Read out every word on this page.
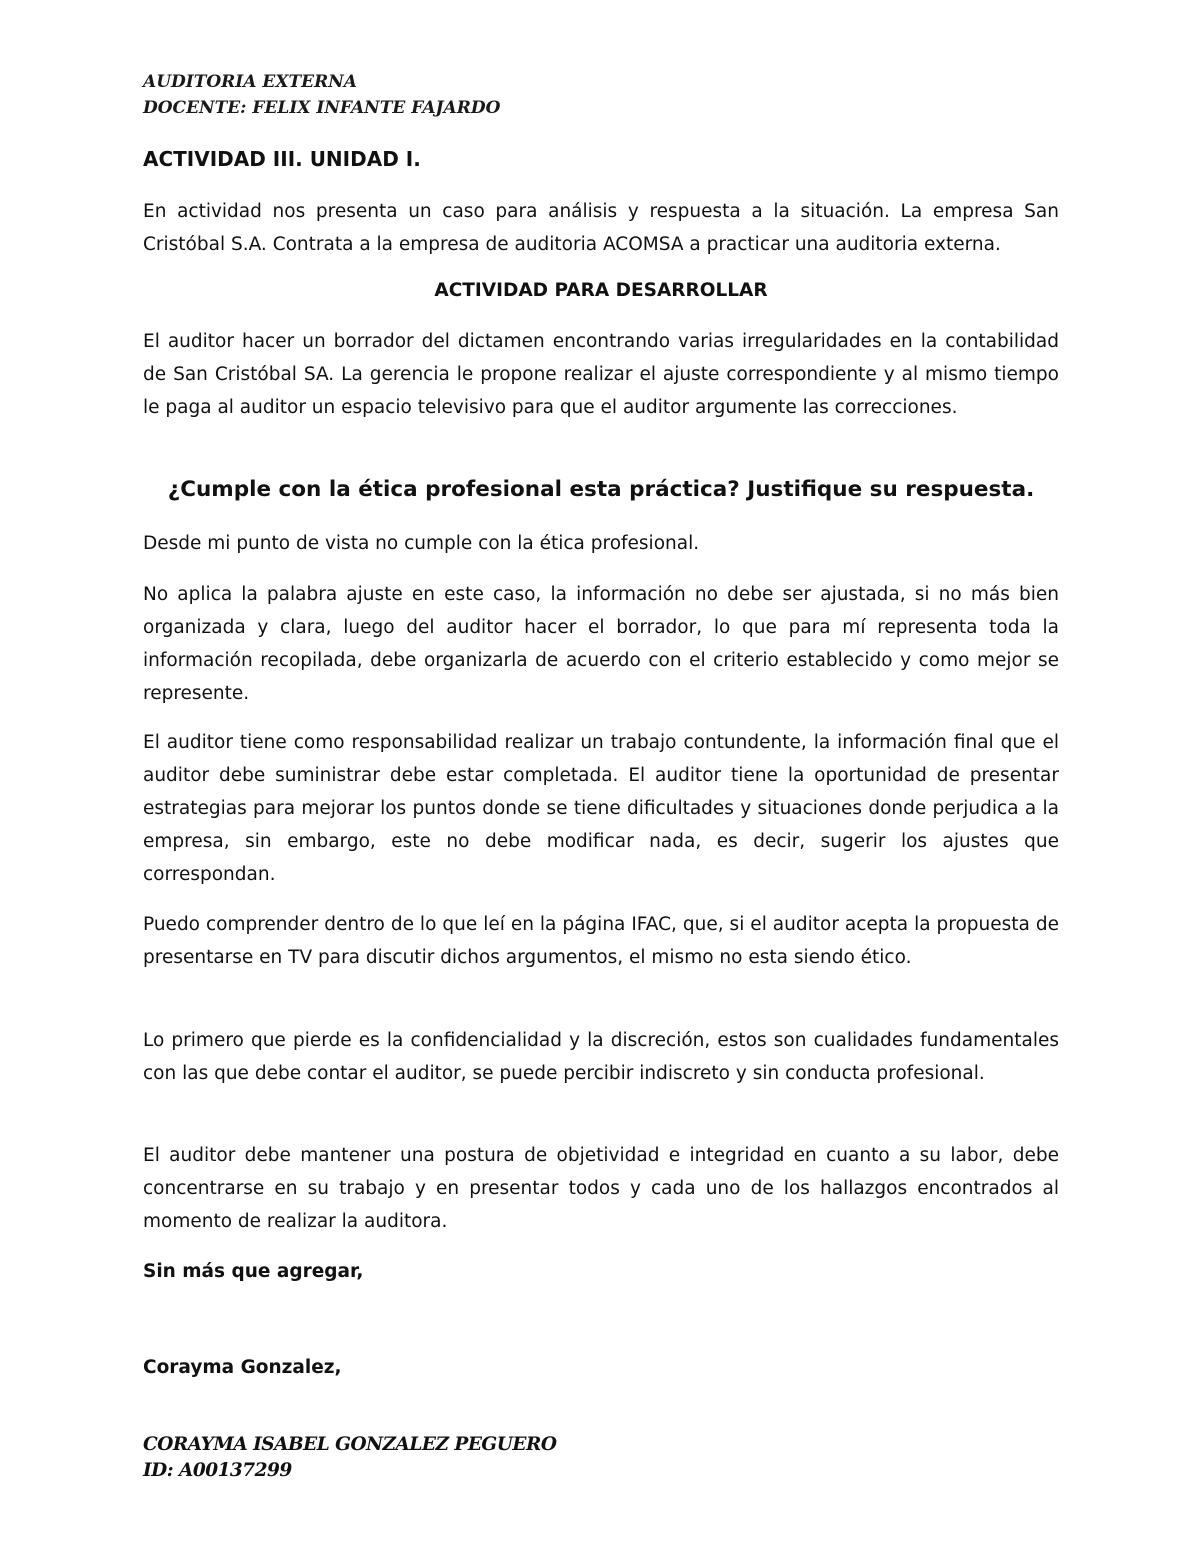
AUDITORIA EXTERNA
DOCENTE: FELIX INFANTE FAJARDO
ACTIVIDAD III. UNIDAD I.

En actividad nos presenta un caso para análisis y respuesta a la situación. La empresa San Cristóbal S.A. Contrata a la empresa de auditoria ACOMSA a practicar una auditoria externa.

ACTIVIDAD PARA DESARROLLAR

El auditor hacer un borrador del dictamen encontrando varias irregularidades en la contabilidad de San Cristóbal SA. La gerencia le propone realizar el ajuste correspondiente y al mismo tiempo le paga al auditor un espacio televisivo para que el auditor argumente las correcciones.

¿Cumple con la ética profesional esta práctica? Justifique su respuesta.
Desde mi punto de vista no cumple con la ética profesional.

No aplica la palabra ajuste en este caso, la información no debe ser ajustada, si no más bien organizada y clara, luego del auditor hacer el borrador, lo que para mí representa toda la información recopilada, debe organizarla de acuerdo con el criterio establecido y como mejor se represente.

El auditor tiene como responsabilidad realizar un trabajo contundente, la información final que el auditor debe suministrar debe estar completada. El auditor tiene la oportunidad de presentar estrategias para mejorar los puntos donde se tiene dificultades y situaciones donde perjudica a la empresa, sin embargo, este no debe modificar nada, es decir, sugerir los ajustes que correspondan.

Puedo comprender dentro de lo que leí en la página IFAC, que, si el auditor acepta la propuesta de presentarse en TV para discutir dichos argumentos, el mismo no esta siendo ético.

Lo primero que pierde es la confidencialidad y la discreción, estos son cualidades fundamentales con las que debe contar el auditor, se puede percibir indiscreto y sin conducta profesional.

El auditor debe mantener una postura de objetividad e integridad en cuanto a su labor, debe concentrarse en su trabajo y en presentar todos y cada uno de los hallazgos encontrados al momento de realizar la auditora.

Sin más que agregar,
Corayma Gonzalez,
CORAYMA ISABEL GONZALEZ PEGUERO
ID: A00137299
